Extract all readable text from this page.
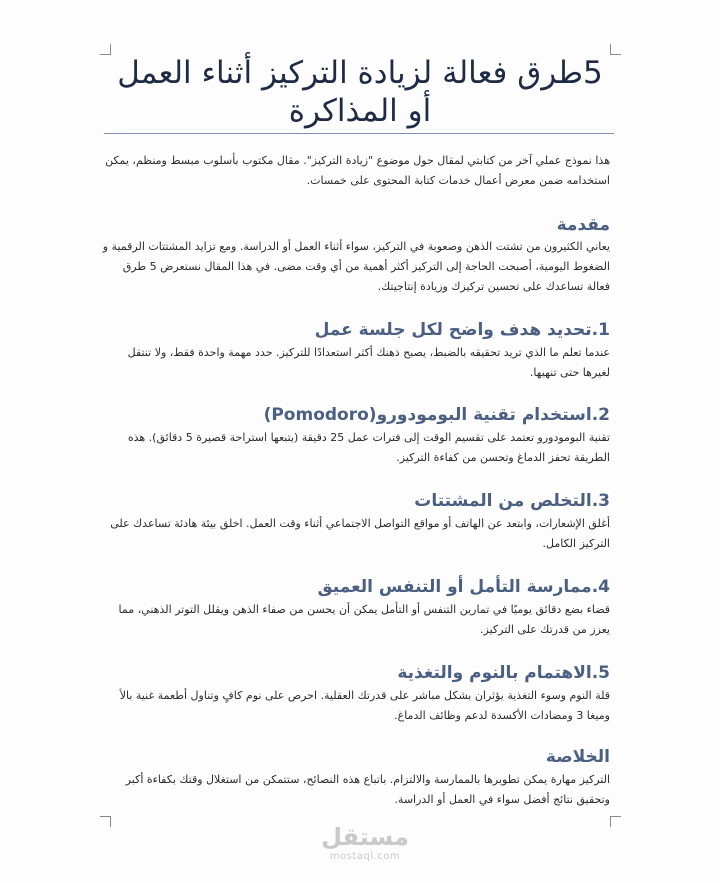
5طرق فعالة لزيادة التركيز أثناء العمل أو المذاكرة

هذا نموذج عملي آخر من كتابتي لمقال حول موضوع "زيادة التركيز". مقال مكتوب بأسلوب مبسط ومنظم، يمكن استخدامه ضمن معرض أعمال خدمات كتابة المحتوى على خمسات.

مقدمة

يعاني الكثيرون من تشتت الذهن وصعوبة في التركيز، سواء أثناء العمل أو الدراسة. ومع تزايد المشتتات الرقمية و الضغوط اليومية، أصبحت الحاجة إلى التركيز أكثر أهمية من أي وقت مضى. في هذا المقال نستعرض 5 طرق فعالة تساعدك على تحسين تركيزك وزيادة إنتاجيتك.

1.تحديد هدف واضح لكل جلسة عمل

عندما تعلم ما الذي تريد تحقيقه بالضبط، يصبح ذهنك أكثر استعدادًا للتركيز. حدد مهمة واحدة فقط، ولا تنتقل لغيرها حتى تنهيها.

2.استخدام تقنية البومودورو(Pomodoro)

تقنية البومودورو تعتمد على تقسيم الوقت إلى فترات عمل 25 دقيقة (يتبعها استراحة قصيرة 5 دقائق). هذه الطريقة تحفز الدماغ وتحسن من كفاءة التركيز.

3.التخلص من المشتتات

أغلق الإشعارات، وابتعد عن الهاتف أو مواقع التواصل الاجتماعي أثناء وقت العمل. اخلق بيئة هادئة تساعدك على التركيز الكامل.

4.ممارسة التأمل أو التنفس العميق

قضاء بضع دقائق يوميًا في تمارين التنفس أو التأمل يمكن أن يحسن من صفاء الذهن ويقلل التوتر الذهني، مما يعزز من قدرتك على التركيز.

5.الاهتمام بالنوم والتغذية

قلة النوم وسوء التغذية يؤثران بشكل مباشر على قدرتك العقلية. احرص على نوم كافٍ وتناول أطعمة غنية بالأ وميغا 3 ومضادات الأكسدة لدعم وظائف الدماغ.

الخلاصة

التركيز مهارة يمكن تطويرها بالممارسة والالتزام. باتباع هذه النصائح، ستتمكن من استغلال وقتك بكفاءة أكبر وتحقيق نتائج أفضل سواء في العمل أو الدراسة.

مستقل
mostaql.com
